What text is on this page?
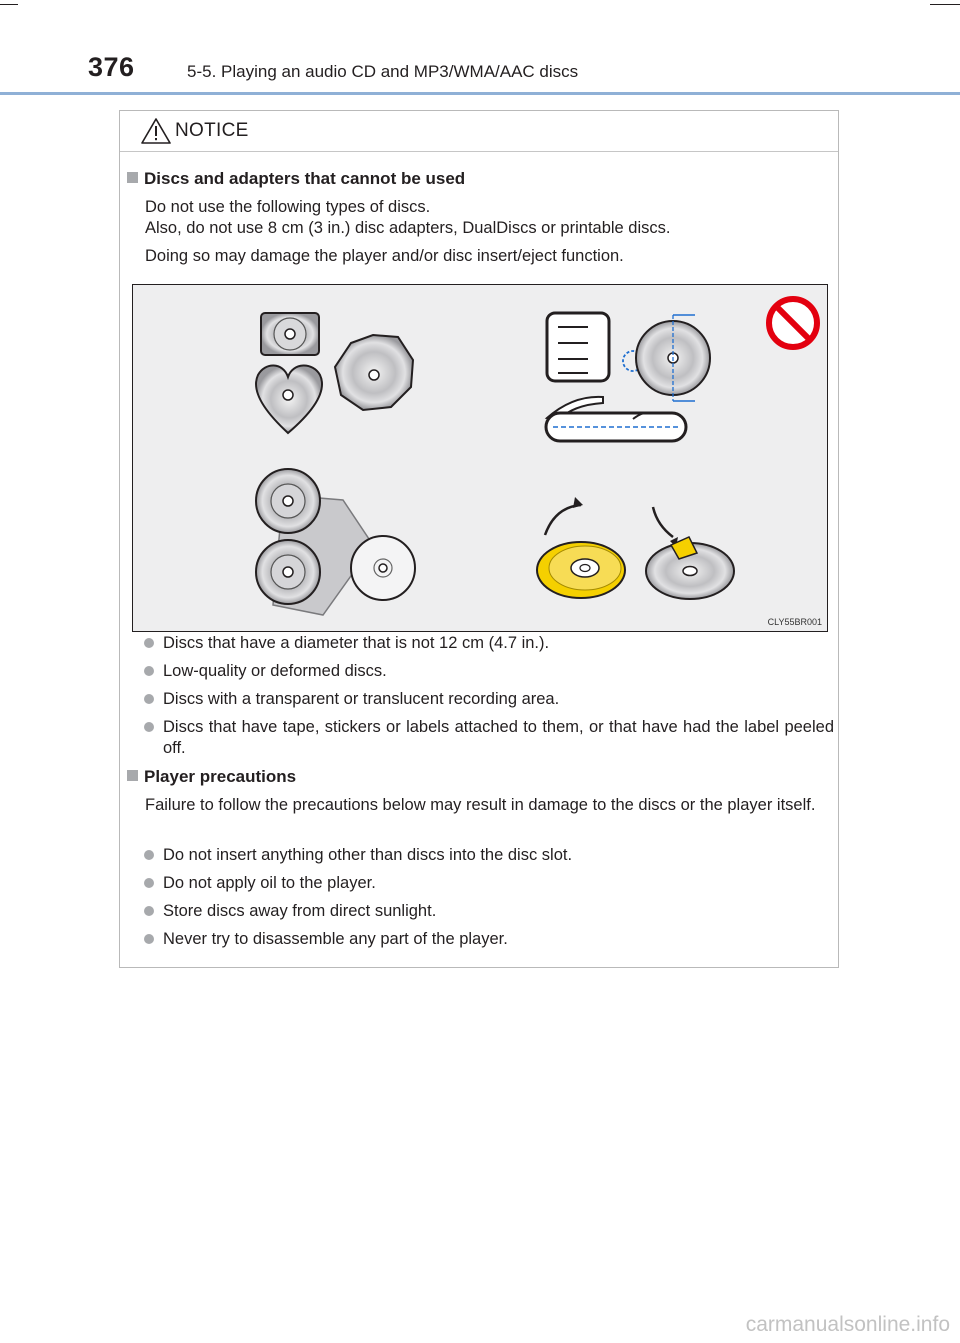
376	5-5. Playing an audio CD and MP3/WMA/AAC discs
NOTICE
Discs and adapters that cannot be used
Do not use the following types of discs.
Also, do not use 8 cm (3 in.) disc adapters, DualDiscs or printable discs.
Doing so may damage the player and/or disc insert/eject function.
CLY55BR001
Discs that have a diameter that is not 12 cm (4.7 in.).
Low-quality or deformed discs.
Discs with a transparent or translucent recording area.
Discs that have tape, stickers or labels attached to them, or that have had the label peeled off.
Player precautions
Failure to follow the precautions below may result in damage to the discs or the player itself.
Do not insert anything other than discs into the disc slot.
Do not apply oil to the player.
Store discs away from direct sunlight.
Never try to disassemble any part of the player.
carmanualsonline.info
